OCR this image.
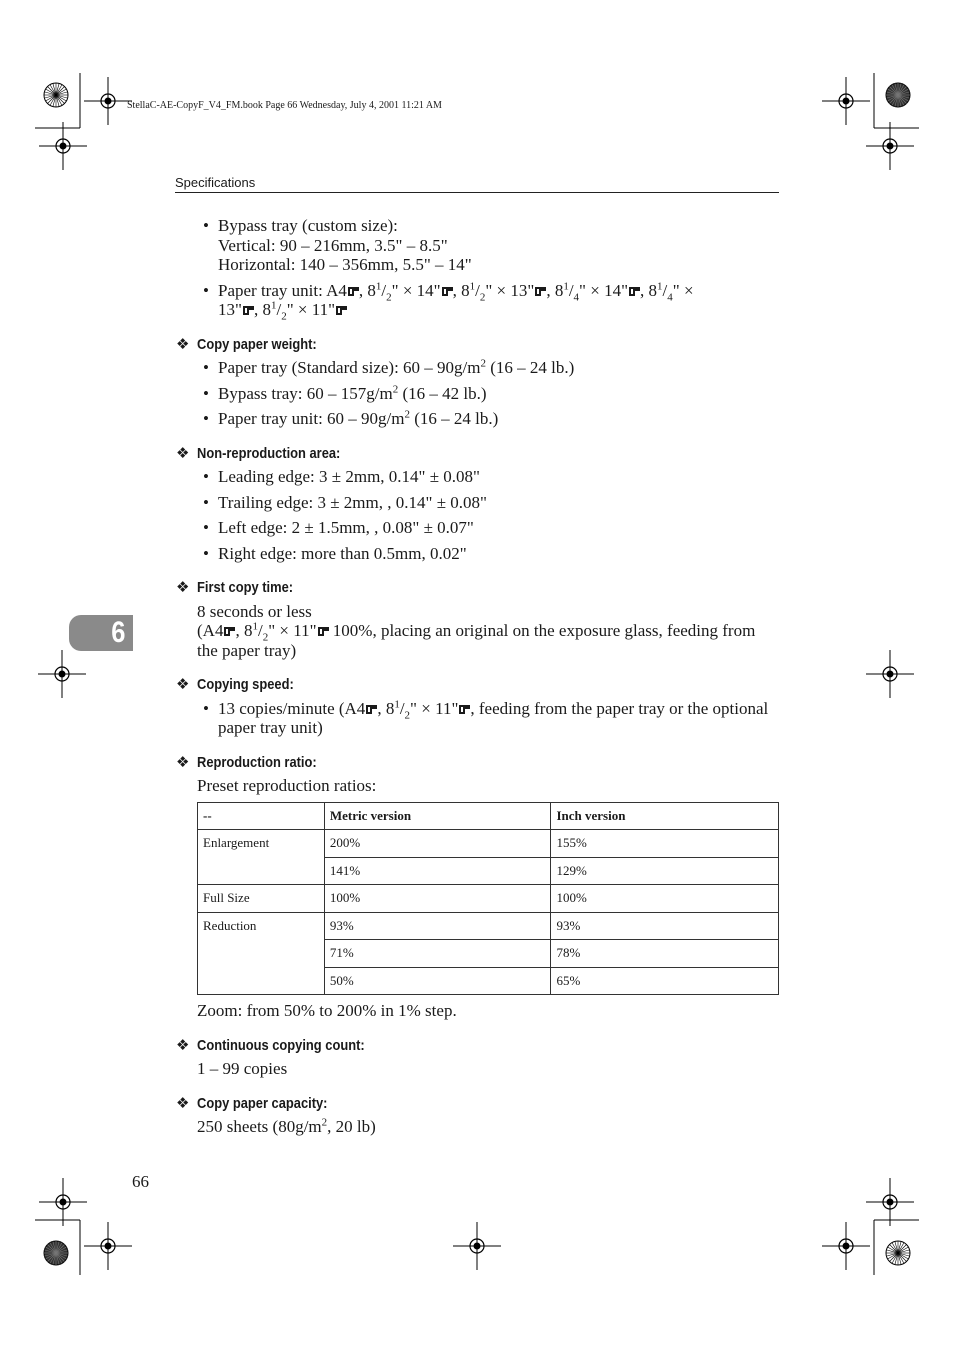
StellaC-AE-CopyF_V4_FM.book Page 66 Wednesday, July 4, 2001 11:21 AM
Specifications
6
• Bypass tray (custom size):
Vertical: 90 – 216mm, 3.5" – 8.5"
Horizontal: 140 – 356mm, 5.5" – 14"
• Paper tray unit: A4 , $8^1/_2$" × 14" , $8^1/_2$" × 13" , $8^1/_4$" × 14" , $8^1/_4$" ×
13" , $8^1/_2$" × 11"
❖ Copy paper weight:
• Paper tray (Standard size): $60 - 90g/m^2$ (16 – 24 lb.)
• Bypass tray: $60 - 157g/m^2$ (16 – 42 lb.)
• Paper tray unit: $60 - 90g/m^2$ (16 – 24 lb.)
❖ Non-reproduction area:
• Leading edge: 3 ± 2mm, 0.14" ± 0.08"
• Trailing edge: 3 ± 2mm, , 0.14" ± 0.08"
• Left edge: 2 ± 1.5mm, , 0.08" ± 0.07"
• Right edge: more than 0.5mm, 0.02"
❖ First copy time:
8 seconds or less
(A4 , $8^1/_2$" × 11" 100%, placing an original on the exposure glass, feeding from the paper tray)
❖ Copying speed:
• 13 copies/minute (A4 , $8^1/_2$" × 11" , feeding from the paper tray or the optional paper tray unit)
❖ Reproduction ratio:
Preset reproduction ratios:
--	Metric version	Inch version
Enlargement	200%	155%
	141%	129%
Full Size	100%	100%
Reduction	93%	93%
	71%	78%
	50%	65%
Zoom: from 50% to 200% in 1% step.
❖ Continuous copying count:
1 – 99 copies
❖ Copy paper capacity:
250 sheets ($80g/m^2$, 20 lb)
66
